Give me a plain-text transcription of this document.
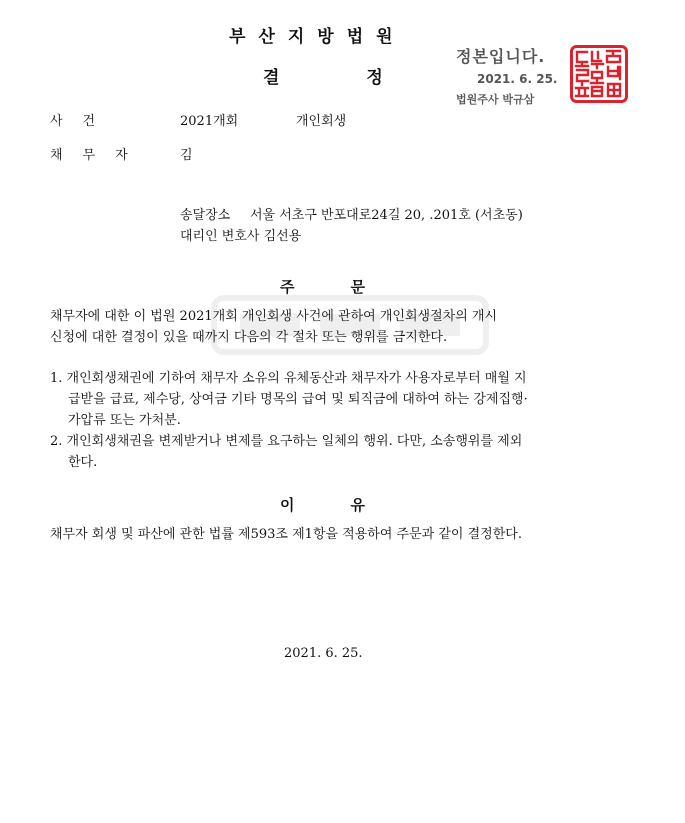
부산지방법원
결정
정본입니다.
2021. 6. 25.
법원주사 박규삼
사건	2021개회	개인회생
채무자 김
송달장소 서울 서초구 반포대로24길 20, .201호 (서초동)
대리인 변호사 김선용
주문
채무자에 대한 이 법원 2021개회 개인회생 사건에 관하여 개인회생절차의 개시
신청에 대한 결정이 있을 때까지 다음의 각 절차 또는 행위를 금지한다.
1. 개인회생채권에 기하여 채무자 소유의 유체동산과 채무자가 사용자로부터 매월 지
급받을 급료, 제수당, 상여금 기타 명목의 급여 및 퇴직금에 대하여 하는 강제집행·
가압류 또는 가처분.
2. 개인회생채권을 변제받거나 변제를 요구하는 일체의 행위. 다만, 소송행위를 제외
한다.
이유
채무자 회생 및 파산에 관한 법률 제593조 제1항을 적용하여 주문과 같이 결정한다.
2021. 6. 25.
